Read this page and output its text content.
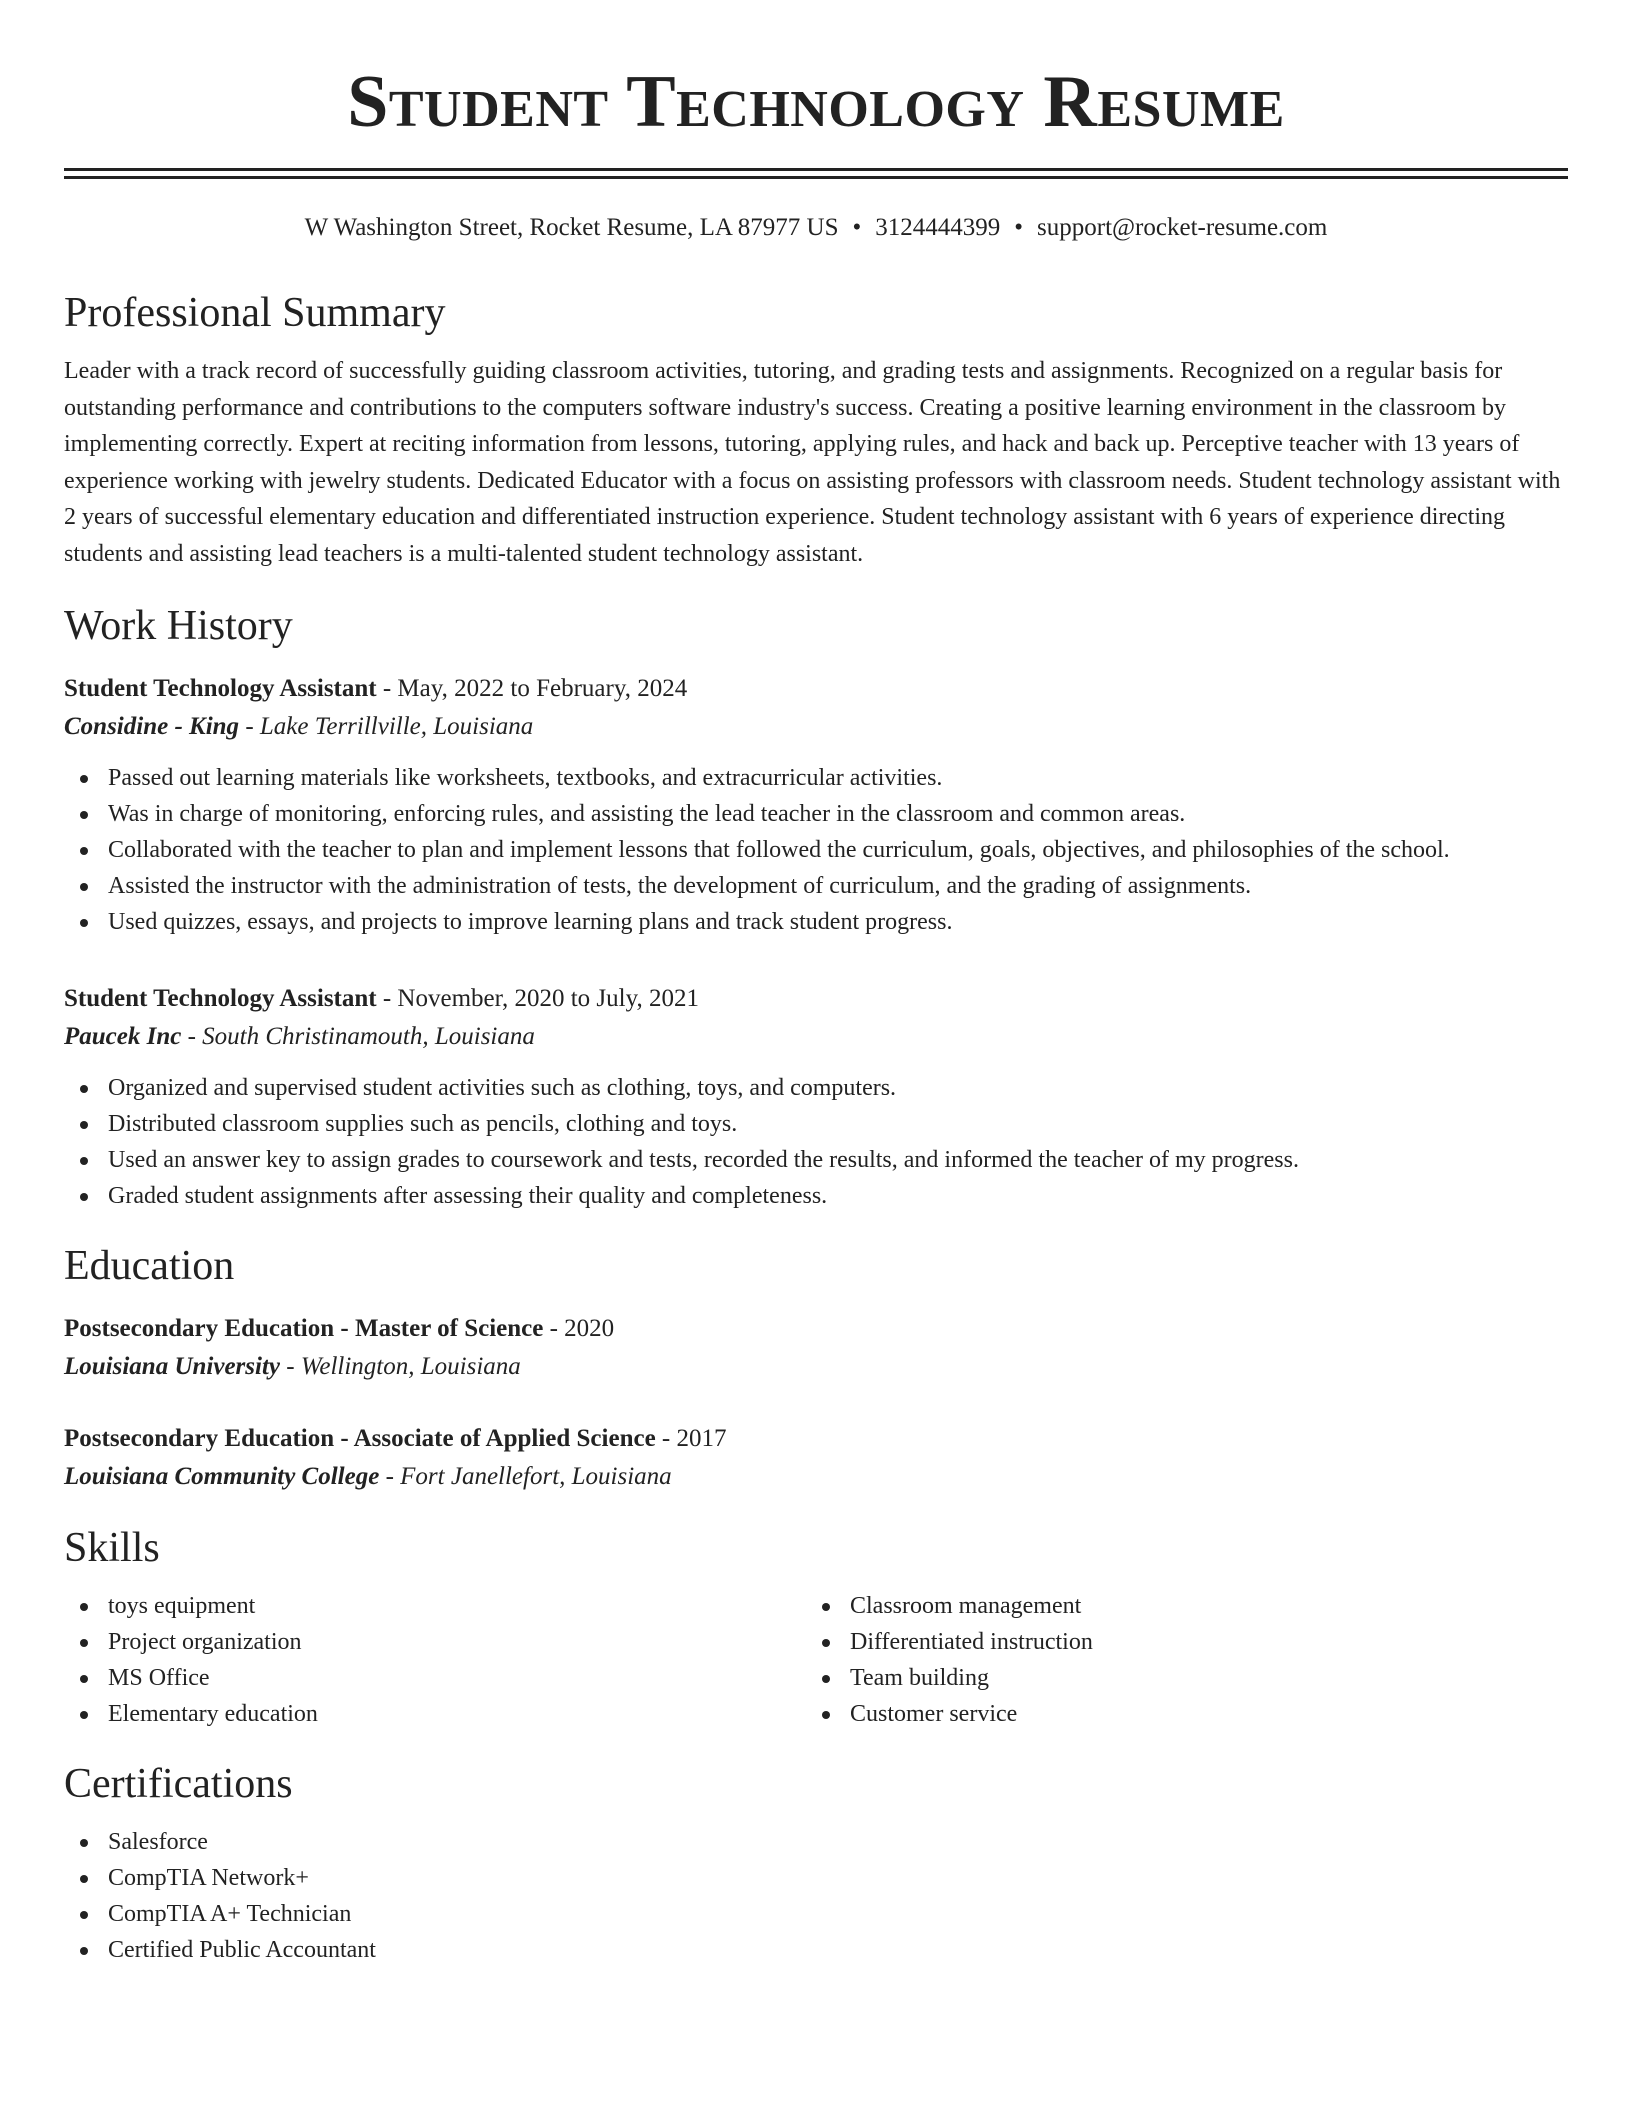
Student Technology Resume
W Washington Street, Rocket Resume, LA 87977 US • 3124444399 • support@rocket-resume.com
Professional Summary

Leader with a track record of successfully guiding classroom activities, tutoring, and grading tests and assignments. Recognized on a regular basis for outstanding performance and contributions to the computers software industry's success. Creating a positive learning environment in the classroom by implementing correctly. Expert at reciting information from lessons, tutoring, applying rules, and hack and back up. Perceptive teacher with 13 years of experience working with jewelry students. Dedicated Educator with a focus on assisting professors with classroom needs. Student technology assistant with 2 years of successful elementary education and differentiated instruction experience. Student technology assistant with 6 years of experience directing students and assisting lead teachers is a multi-talented student technology assistant.

Work History
Student Technology Assistant - May, 2022 to February, 2024
Considine - King - Lake Terrillville, Louisiana
Passed out learning materials like worksheets, textbooks, and extracurricular activities.
Was in charge of monitoring, enforcing rules, and assisting the lead teacher in the classroom and common areas.
Collaborated with the teacher to plan and implement lessons that followed the curriculum, goals, objectives, and philosophies of the school.
Assisted the instructor with the administration of tests, the development of curriculum, and the grading of assignments.
Used quizzes, essays, and projects to improve learning plans and track student progress.
Student Technology Assistant - November, 2020 to July, 2021
Paucek Inc - South Christinamouth, Louisiana
Organized and supervised student activities such as clothing, toys, and computers.
Distributed classroom supplies such as pencils, clothing and toys.
Used an answer key to assign grades to coursework and tests, recorded the results, and informed the teacher of my progress.
Graded student assignments after assessing their quality and completeness.
Education
Postsecondary Education - Master of Science - 2020
Louisiana University - Wellington, Louisiana
Postsecondary Education - Associate of Applied Science - 2017
Louisiana Community College - Fort Janellefort, Louisiana
Skills
toys equipment
Project organization
MS Office
Elementary education
Classroom management
Differentiated instruction
Team building
Customer service
Certifications
Salesforce
CompTIA Network+
CompTIA A+ Technician
Certified Public Accountant
